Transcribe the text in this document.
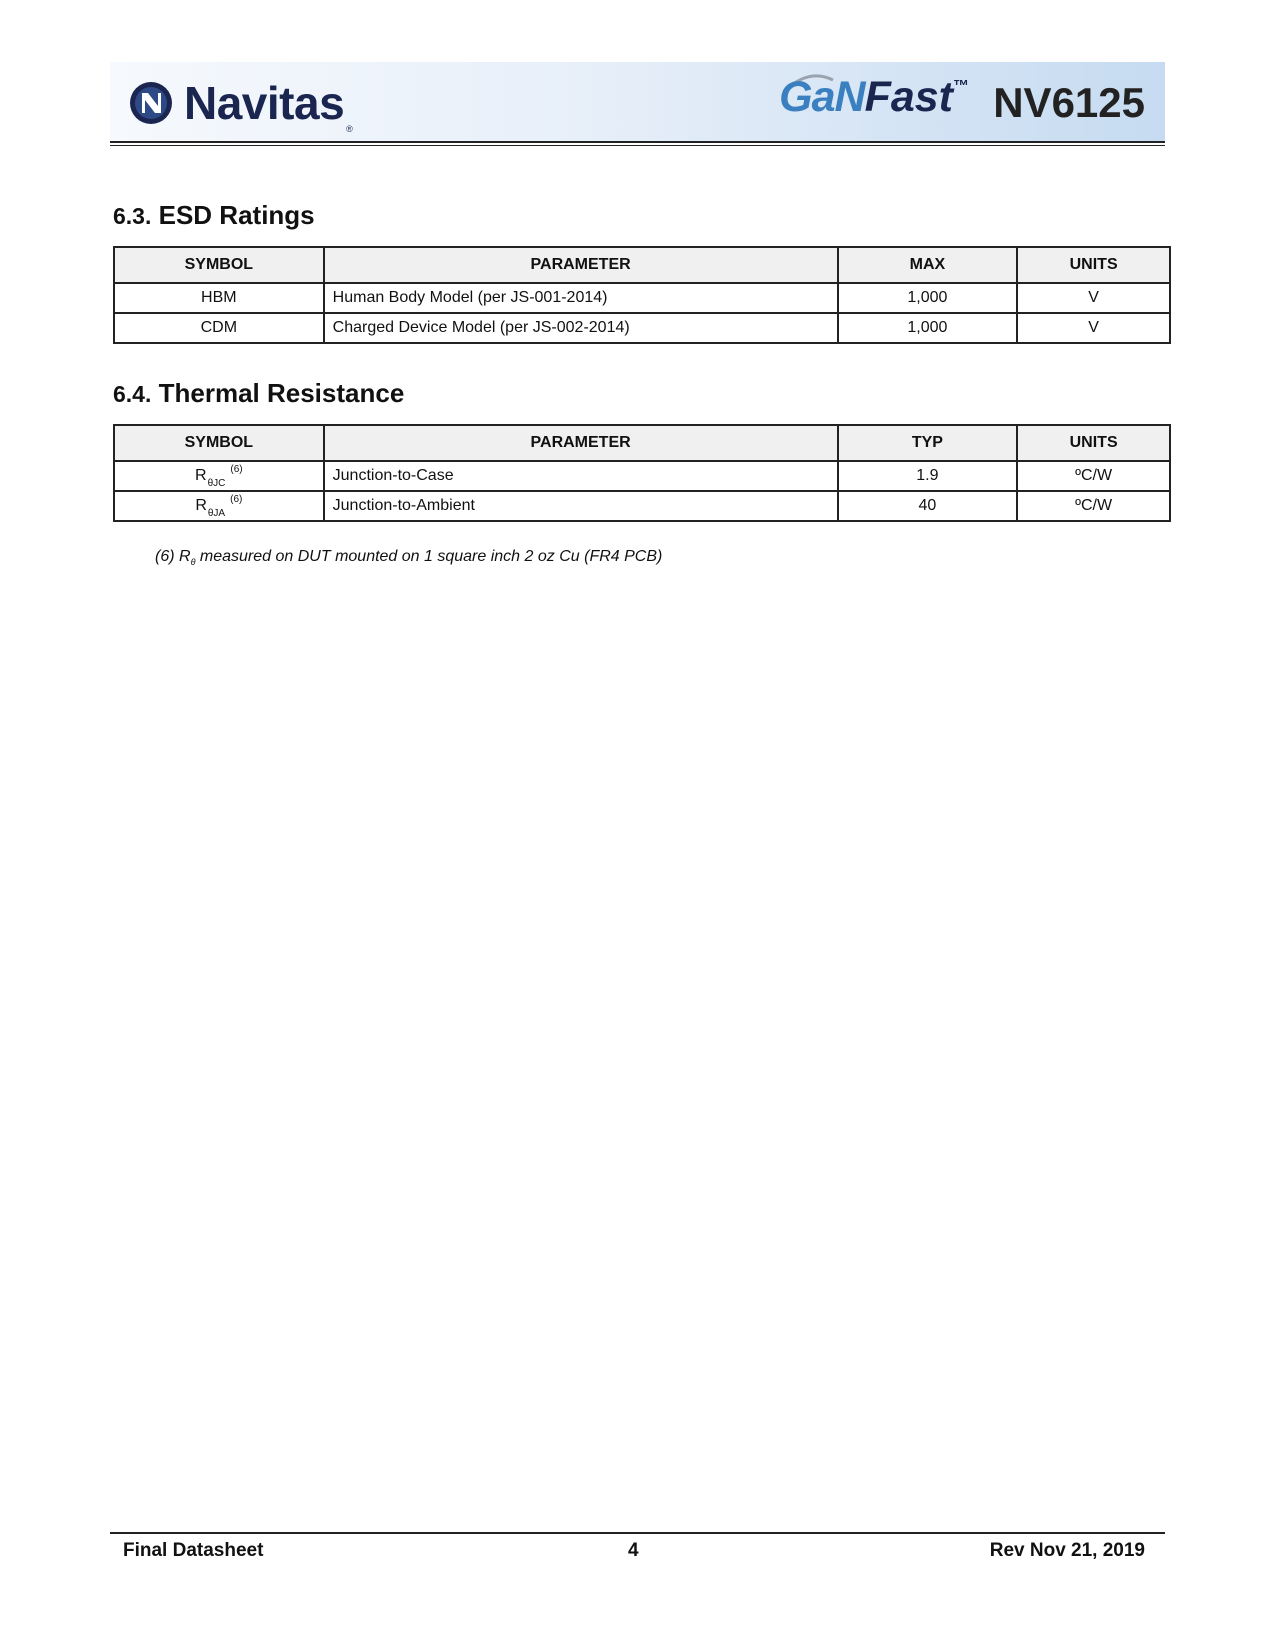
Navitas ®
GaNFast™ NV6125
6.3. ESD Ratings
SYMBOL	PARAMETER	MAX	UNITS
HBM	Human Body Model (per JS-001-2014)	1,000	V
CDM	Charged Device Model (per JS-002-2014)	1,000	V
6.4. Thermal Resistance
SYMBOL	PARAMETER	TYP	UNITS
$R_{\theta JC}^{(6)}$	Junction-to-Case	1.9	ºC/W
$R_{\theta JA}^{(6)}$	Junction-to-Ambient	40	ºC/W
(6) $R_\theta$ measured on DUT mounted on 1 square inch 2 oz Cu (FR4 PCB)
Final Datasheet	4	Rev Nov 21, 2019
